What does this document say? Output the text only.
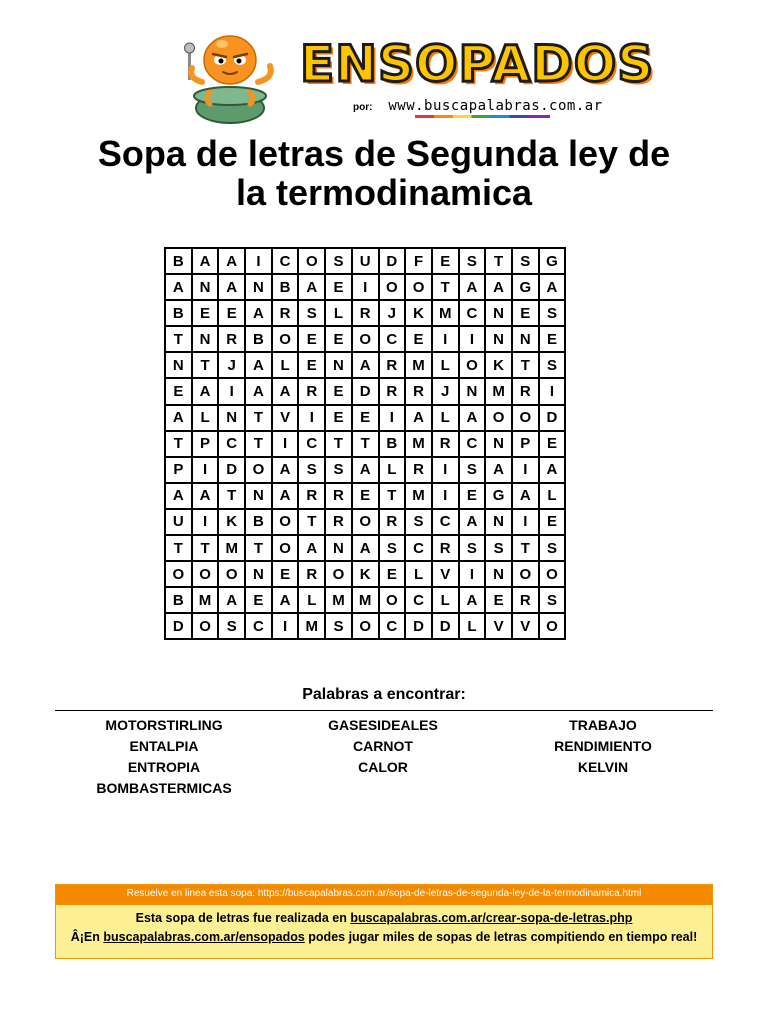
ENSOPADOS
por: www.buscapalabras.com.ar
Sopa de letras de Segunda ley de
la termodinamica
B	A	A	I	C	O	S	U	D	F	E	S	T	S	G
A	N	A	N	B	A	E	I	O	O	T	A	A	G	A
B	E	E	A	R	S	L	R	J	K	M	C	N	E	S
T	N	R	B	O	E	E	O	C	E	I	I	N	N	E
N	T	J	A	L	E	N	A	R	M	L	O	K	T	S
E	A	I	A	A	R	E	D	R	R	J	N	M	R	I
A	L	N	T	V	I	E	E	I	A	L	A	O	O	D
T	P	C	T	I	C	T	T	B	M	R	C	N	P	E
P	I	D	O	A	S	S	A	L	R	I	S	A	I	A
A	A	T	N	A	R	R	E	T	M	I	E	G	A	L
U	I	K	B	O	T	R	O	R	S	C	A	N	I	E
T	T	M	T	O	A	N	A	S	C	R	S	S	T	S
O	O	O	N	E	R	O	K	E	L	V	I	N	O	O
B	M	A	E	A	L	M	M	O	C	L	A	E	R	S
D	O	S	C	I	M	S	O	C	D	D	L	V	V	O
Palabras a encontrar:
MOTORSTIRLING
ENTALPIA
ENTROPIA
BOMBASTERMICAS
GASESIDEALES
CARNOT
CALOR
TRABAJO
RENDIMIENTO
KELVIN
Resuelve en linea esta sopa: https://buscapalabras.com.ar/sopa-de-letras-de-segunda-ley-de-la-termodinamica.html
Esta sopa de letras fue realizada en buscapalabras.com.ar/crear-sopa-de-letras.php
Â¡En buscapalabras.com.ar/ensopados podes jugar miles de sopas de letras compitiendo en tiempo real!
